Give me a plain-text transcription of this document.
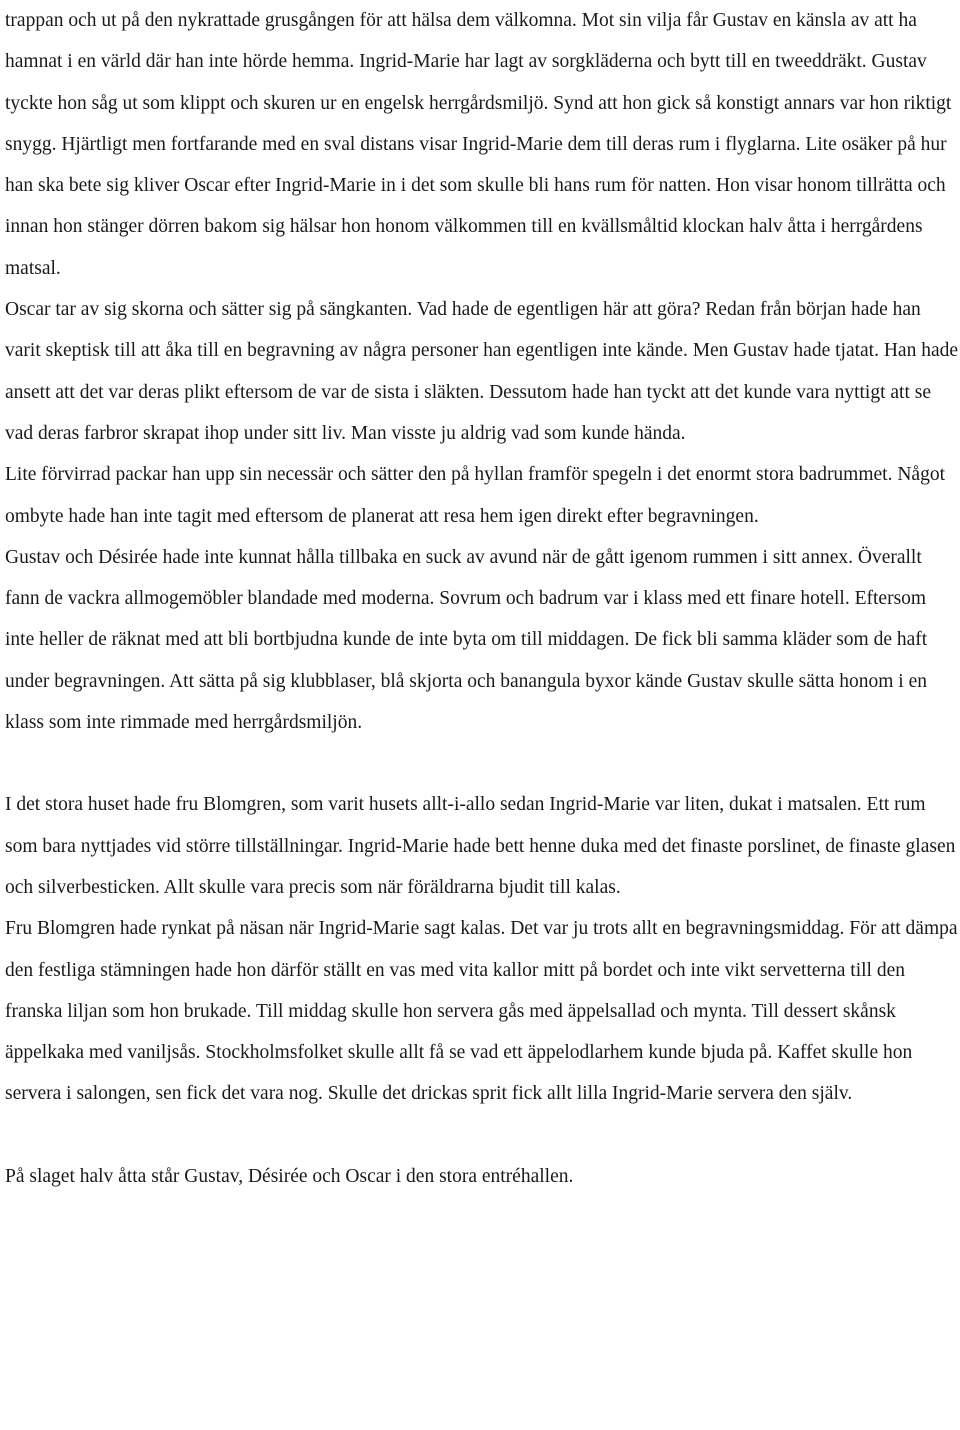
trappan och ut på den nykrattade grusgången för att hälsa dem välkomna. Mot sin vilja får Gustav en känsla av att ha hamnat i en värld där han inte hörde hemma. Ingrid-Marie har lagt av sorgkläderna och bytt till en tweeddräkt. Gustav tyckte hon såg ut som klippt och skuren ur en engelsk herrgårdsmiljö. Synd att hon gick så konstigt annars var hon riktigt snygg. Hjärtligt men fortfarande med en sval distans visar Ingrid-Marie dem till deras rum i flyglarna. Lite osäker på hur han ska bete sig kliver Oscar efter Ingrid-Marie in i det som skulle bli hans rum för natten. Hon visar honom tillrätta och innan hon stänger dörren bakom sig hälsar hon honom välkommen till en kvällsmåltid klockan halv åtta i herrgårdens matsal.

Oscar tar av sig skorna och sätter sig på sängkanten. Vad hade de egentligen här att göra? Redan från början hade han varit skeptisk till att åka till en begravning av några personer han egentligen inte kände. Men Gustav hade tjatat. Han hade ansett att det var deras plikt eftersom de var de sista i släkten. Dessutom hade han tyckt att det kunde vara nyttigt att se vad deras farbror skrapat ihop under sitt liv. Man visste ju aldrig vad som kunde hända.

Lite förvirrad packar han upp sin necessär och sätter den på hyllan framför spegeln i det enormt stora badrummet. Något ombyte hade han inte tagit med eftersom de planerat att resa hem igen direkt efter begravningen.

Gustav och Désirée hade inte kunnat hålla tillbaka en suck av avund när de gått igenom rummen i sitt annex. Överallt fann de vackra allmogemöbler blandade med moderna. Sovrum och badrum var i klass med ett finare hotell. Eftersom inte heller de räknat med att bli bortbjudna kunde de inte byta om till middagen. De fick bli samma kläder som de haft under begravningen. Att sätta på sig klubblaser, blå skjorta och banangula byxor kände Gustav skulle sätta honom i en klass som inte rimmade med herrgårdsmiljön.

I det stora huset hade fru Blomgren, som varit husets allt-i-allo sedan Ingrid-Marie var liten, dukat i matsalen. Ett rum som bara nyttjades vid större tillställningar. Ingrid-Marie hade bett henne duka med det finaste porslinet, de finaste glasen och silverbesticken. Allt skulle vara precis som när föräldrarna bjudit till kalas.

Fru Blomgren hade rynkat på näsan när Ingrid-Marie sagt kalas. Det var ju trots allt en begravningsmiddag. För att dämpa den festliga stämningen hade hon därför ställt en vas med vita kallor mitt på bordet och inte vikt servetterna till den franska liljan som hon brukade. Till middag skulle hon servera gås med äppelsallad och mynta. Till dessert skånsk äppelkaka med vaniljsås. Stockholmsfolket skulle allt få se vad ett äppelodlarhem kunde bjuda på. Kaffet skulle hon servera i salongen, sen fick det vara nog. Skulle det drickas sprit fick allt lilla Ingrid-Marie servera den själv.

På slaget halv åtta står Gustav, Désirée och Oscar i den stora entréhallen.
